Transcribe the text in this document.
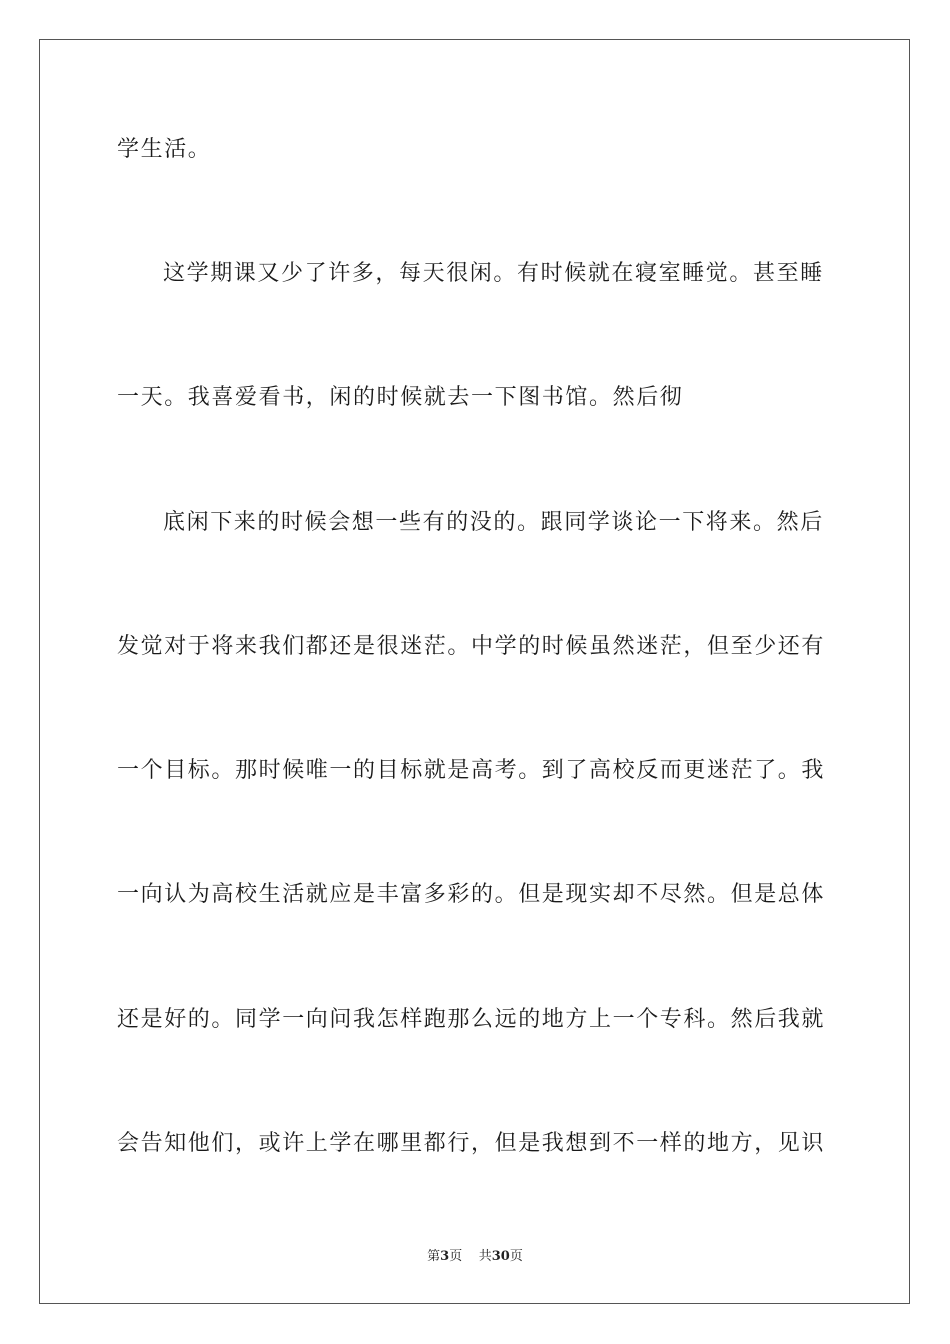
学生活。
这学期课又少了许多，每天很闲。有时候就在寝室睡觉。甚至睡
一天。我喜爱看书，闲的时候就去一下图书馆。然后彻
底闲下来的时候会想一些有的没的。跟同学谈论一下将来。然后
发觉对于将来我们都还是很迷茫。中学的时候虽然迷茫，但至少还有
一个目标。那时候唯一的目标就是高考。到了高校反而更迷茫了。我
一向认为高校生活就应是丰富多彩的。但是现实却不尽然。但是总体
还是好的。同学一向问我怎样跑那么远的地方上一个专科。然后我就
会告知他们，或许上学在哪里都行，但是我想到不一样的地方，见识
第3页 共30页
